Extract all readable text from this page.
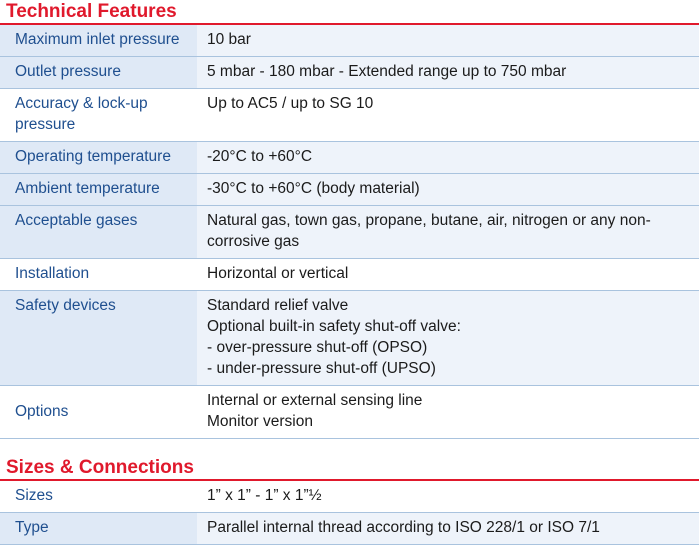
Technical Features
Maximum inlet pressure	10 bar

Outlet pressure	5 mbar - 180 mbar - Extended range up to 750 mbar

Accuracy & lock-up
pressure	Up to AC5 / up to SG 10

Operating temperature	-20°C to +60°C

Ambient temperature	-30°C to +60°C (body material)

Acceptable gases	Natural gas, town gas, propane, butane, air, nitrogen or any non-
corrosive gas

Installation	Horizontal or vertical

Safety devices	Standard relief valve
Optional built-in safety shut-off valve:
- over-pressure shut-off (OPSO)
- under-pressure shut-off (UPSO)

Options	Internal or external sensing line
Monitor version
Sizes & Connections
Sizes	1” x 1” - 1” x 1”½

Type	Parallel internal thread according to ISO 228/1 or ISO 7/1
